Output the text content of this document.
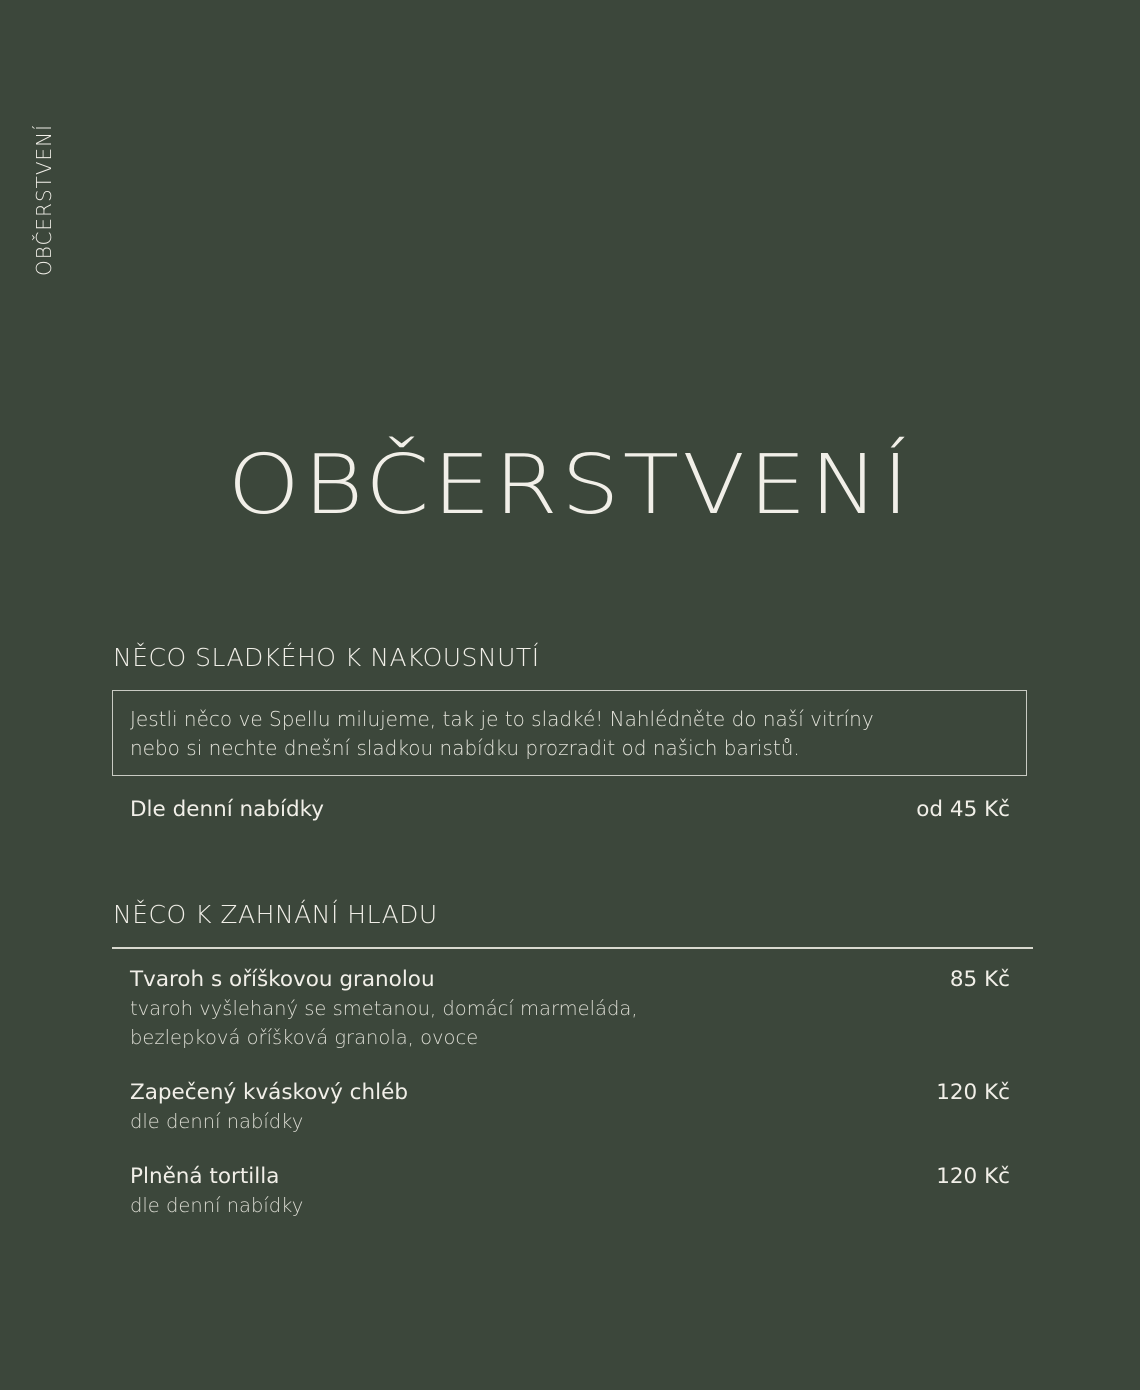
OBČERSTVENÍ
OBČERSTVENÍ
NĚCO SLADKÉHO K NAKOUSNUTÍ
Jestli něco ve Spellu milujeme, tak je to sladké! Nahlédněte do naší vitríny
nebo si nechte dnešní sladkou nabídku prozradit od našich baristů.
Dle denní nabídky	od 45 Kč
NĚCO K ZAHNÁNÍ HLADU
Tvaroh s oříškovou granolou	85 Kč
tvaroh vyšlehaný se smetanou, domácí marmeláda,
bezlepková oříšková granola, ovoce
Zapečený kváskový chléb	120 Kč
dle denní nabídky
Plněná tortilla	120 Kč
dle denní nabídky
